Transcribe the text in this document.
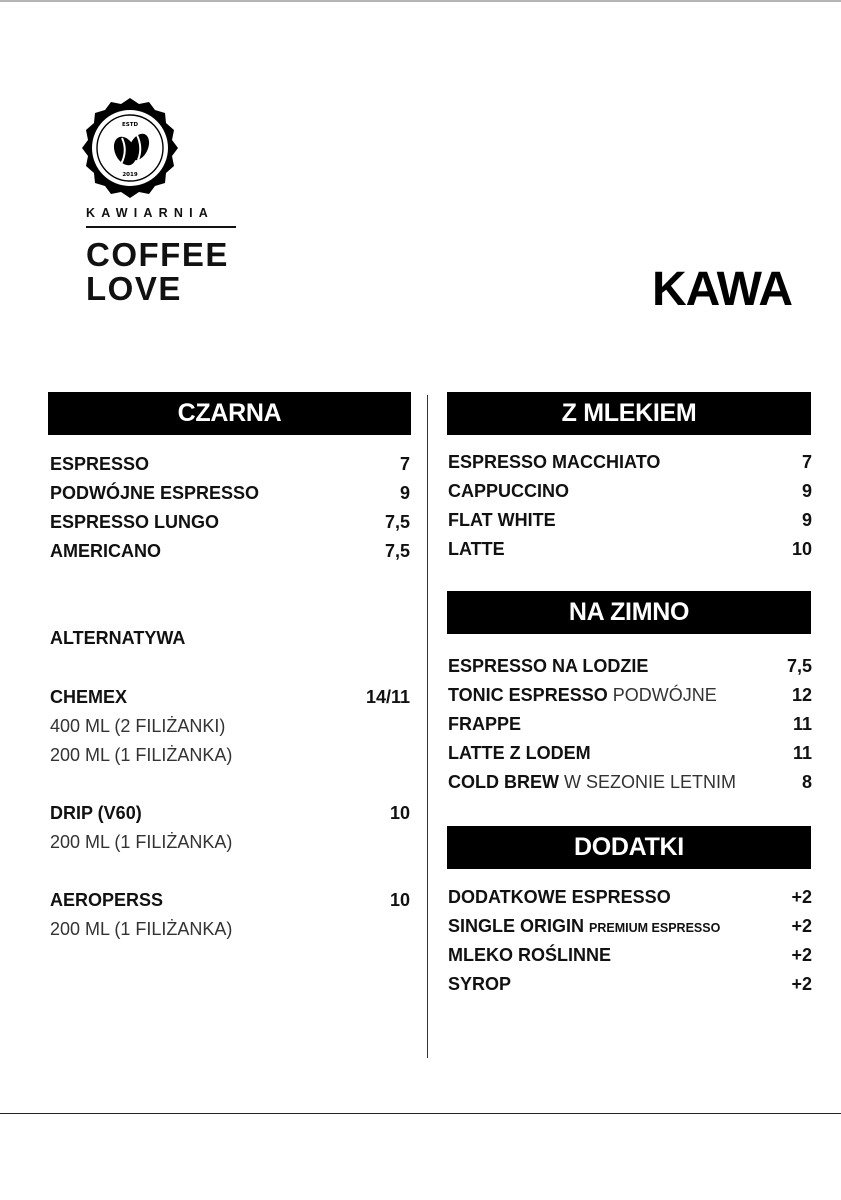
ESTD
2019
KAWIARNIA
COFFEE
LOVE	KAWA
CZARNA
ESPRESSO	7
PODWÓJNE ESPRESSO	9
ESPRESSO LUNGO	7,5
AMERICANO	7,5
ALTERNATYWA
CHEMEX	14/11
400 ML (2 FILIŻANKI)
200 ML (1 FILIŻANKA)
DRIP (V60)	10
200 ML (1 FILIŻANKA)
AEROPERSS	10
200 ML (1 FILIŻANKA)
Z MLEKIEM
ESPRESSO MACCHIATO	7
CAPPUCCINO	9
FLAT WHITE	9
LATTE	10
NA ZIMNO
ESPRESSO NA LODZIE	7,5
TONIC ESPRESSO PODWÓJNE	12
FRAPPE	11
LATTE Z LODEM	11
COLD BREW W SEZONIE LETNIM	8
DODATKI
DODATKOWE ESPRESSO	+2
SINGLE ORIGIN PREMIUM ESPRESSO	+2
MLEKO ROŚLINNE	+2
SYROP	+2
